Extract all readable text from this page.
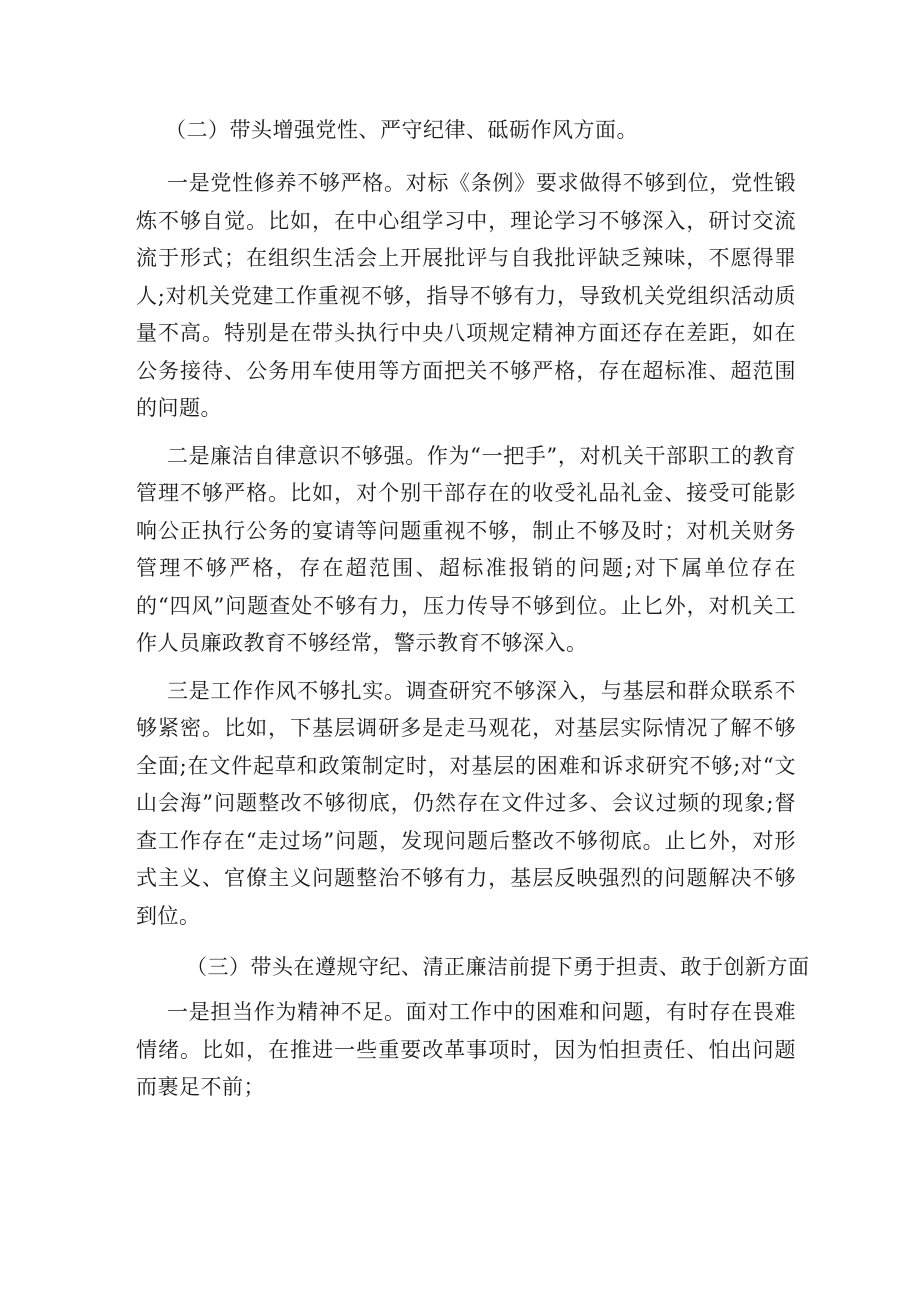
（二）带头增强党性、严守纪律、砥砺作风方面。

一是党性修养不够严格。对标《条例》要求做得不够到位，党性锻炼不够自觉。比如，在中心组学习中，理论学习不够深入，研讨交流流于形式；在组织生活会上开展批评与自我批评缺乏辣味，不愿得罪人;对机关党建工作重视不够，指导不够有力，导致机关党组织活动质量不高。特别是在带头执行中央八项规定精神方面还存在差距，如在公务接待、公务用车使用等方面把关不够严格，存在超标准、超范围的问题。

二是廉洁自律意识不够强。作为“一把手”，对机关干部职工的教育管理不够严格。比如，对个别干部存在的收受礼品礼金、接受可能影响公正执行公务的宴请等问题重视不够，制止不够及时；对机关财务管理不够严格，存在超范围、超标准报销的问题;对下属单位存在的“四风”问题查处不够有力，压力传导不够到位。止匕外，对机关工作人员廉政教育不够经常，警示教育不够深入。

三是工作作风不够扎实。调查研究不够深入，与基层和群众联系不够紧密。比如，下基层调研多是走马观花，对基层实际情况了解不够全面;在文件起草和政策制定时，对基层的困难和诉求研究不够;对“文山会海”问题整改不够彻底，仍然存在文件过多、会议过频的现象;督查工作存在“走过场”问题，发现问题后整改不够彻底。止匕外，对形式主义、官僚主义问题整治不够有力，基层反映强烈的问题解决不够到位。

（三）带头在遵规守纪、清正廉洁前提下勇于担责、敢于创新方面

一是担当作为精神不足。面对工作中的困难和问题，有时存在畏难情绪。比如，在推进一些重要改革事项时，因为怕担责任、怕出问题而裹足不前；
